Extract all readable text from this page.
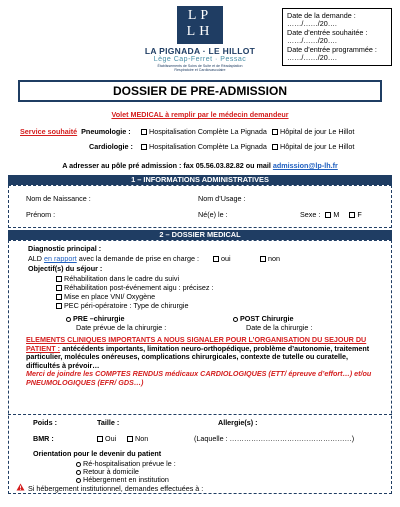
LP
LH
LA PIGNADA · LE HILLOT
Lège Cap-Ferret · Pessac
Établissements de Soins de Suite et de Réadaptation
Respiratoire et Cardiovasculaire
Date de la demande :
……/……/20….
Date d’entrée souhaitée :
……/……/20….
Date d’entrée programmée :
……/……/20….
DOSSIER DE PRE-ADMISSION
Volet MEDICAL à remplir par le médecin demandeur
Service souhaité Pneumologie :	Hospitalisation Complète La Pignada	Hôpital de jour Le Hillot
Cardiologie :	Hospitalisation Complète La Pignada	Hôpital de jour Le Hillot
A adresser au pôle pré admission : fax 05.56.03.82.82 ou mail admission@lp-lh.fr
1 – INFORMATIONS ADMINISTRATIVES
Nom de Naissance :	Nom d’Usage :
Prénom :	Né(e) le :	Sexe : M	F
2 – DOSSIER MEDICAL
Diagnostic principal :
ALD en rapport avec la demande de prise en charge :	oui	non
Objectif(s) du séjour :
Réhabilitation dans le cadre du suivi
Réhabilitation post-événement aigu : précisez :
Mise en place VNI/ Oxygène
PEC péri-opératoire : Type de chirurgie
PRE –chirurgie
Date prévue de la chirurgie :
POST Chirurgie
Date de la chirurgie :
ELEMENTS CLINIQUES IMPORTANTS A NOUS SIGNALER POUR L’ORGANISATION DU SEJOUR DU PATIENT : antécédents importants, limitation neuro-orthopédique, problème d’autonomie, traitement particulier, molécules onéreuses, complications chirurgicales, contexte de tutelle ou curatelle, difficultés à prévoir…
Merci de joindre les COMPTES RENDUS médicaux CARDIOLOGIQUES (ETT/ épreuve d’effort…) et/ou PNEUMOLOGIQUES (EFR/ GDS…)
Poids :	Taille :	Allergie(s) :
BMR :	Oui	Non	(Laquelle : ……………………………………………)
Orientation pour le devenir du patient
Ré-hospitalisation prévue le :
Retour à domicile
Hébergement en institution
Si hébergement institutionnel, demandes effectuées à :
